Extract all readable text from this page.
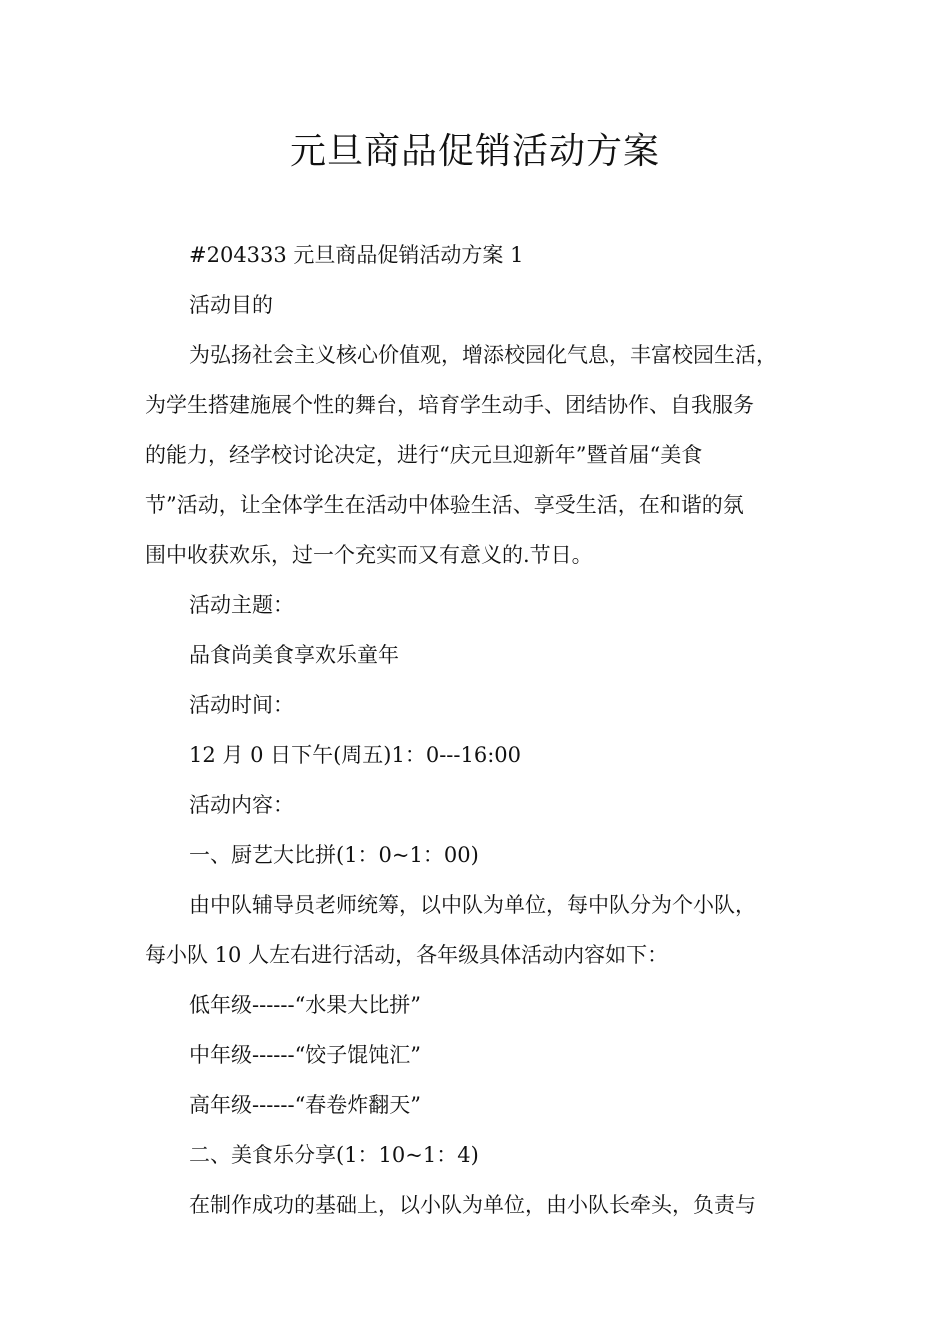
元旦商品促销活动方案

#204333 元旦商品促销活动方案 1

活动目的

为弘扬社会主义核心价值观，增添校园化气息，丰富校园生活，

为学生搭建施展个性的舞台，培育学生动手、团结协作、自我服务

的能力，经学校讨论决定，进行“庆元旦迎新年”暨首届“美食

节”活动，让全体学生在活动中体验生活、享受生活，在和谐的氛

围中收获欢乐，过一个充实而又有意义的.节日。

活动主题：

品食尚美食享欢乐童年

活动时间：

12 月 0 日下午(周五)1：0---16:00

活动内容：

一、厨艺大比拼(1：0~1：00)

由中队辅导员老师统筹，以中队为单位，每中队分为个小队，

每小队 10 人左右进行活动，各年级具体活动内容如下：

低年级------“水果大比拼”

中年级------“饺子馄饨汇”

高年级------“春卷炸翻天”

二、美食乐分享(1：10~1：4)

在制作成功的基础上，以小队为单位，由小队长牵头，负责与
